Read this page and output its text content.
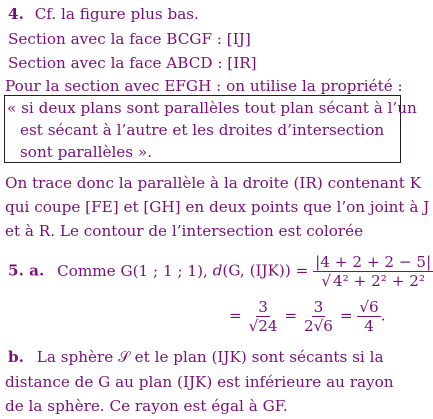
4. Cf. la figure plus bas.
Section avec la face BCGF : [IJ]
Section avec la face ABCD : [IR]
Pour la section avec EFGH : on utilise la propriété :
« si deux plans sont parallèles tout plan sécant à l’un
est sécant à l’autre et les droites d’intersection
sont parallèles ».
On trace donc la parallèle à la droite (IR) contenant K
qui coupe [FE] et [GH] en deux points que l’on joint à J
et à R. Le contour de l’intersection est colorée
5. a. Comme G(1 ; 1 ; 1), d(G, $(IJK)) = \frac{|4 + 2 + 2 - 5|}{\text{√ 4² + 2² + 2²}}$
= $\frac{3}{√24} = \frac{3}{2√6} = \frac{√6}{4}$ .
b. La sphère 𝒮 et le plan (IJK) sont sécants si la
distance de G au plan (IJK) est inférieure au rayon
de la sphère. Ce rayon est égal à GF.
